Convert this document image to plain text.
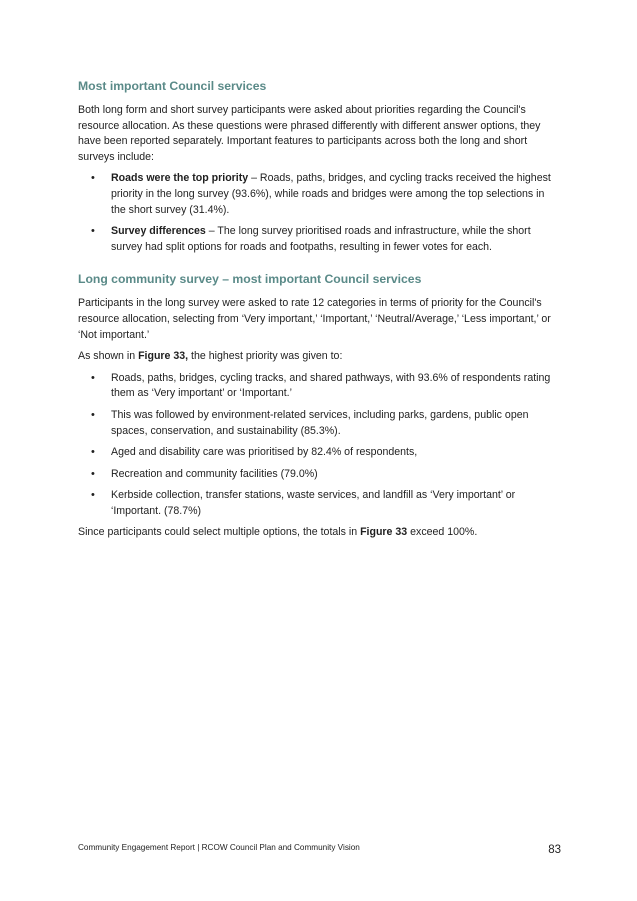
Most important Council services

Both long form and short survey participants were asked about priorities regarding the Council's resource allocation. As these questions were phrased differently with different answer options, they have been reported separately. Important features to participants across both the long and short surveys include:

• Roads were the top priority – Roads, paths, bridges, and cycling tracks received the highest priority in the long survey (93.6%), while roads and bridges were among the top selections in the short survey (31.4%).
• Survey differences – The long survey prioritised roads and infrastructure, while the short survey had split options for roads and footpaths, resulting in fewer votes for each.
Long community survey – most important Council services

Participants in the long survey were asked to rate 12 categories in terms of priority for the Council's resource allocation, selecting from ‘Very important,’ ‘Important,’ ‘Neutral/Average,’ ‘Less important,’ or ‘Not important.’

As shown in Figure 33, the highest priority was given to:

• Roads, paths, bridges, cycling tracks, and shared pathways, with 93.6% of respondents rating them as ‘Very important’ or ‘Important.’
• This was followed by environment-related services, including parks, gardens, public open spaces, conservation, and sustainability (85.3%).
• Aged and disability care was prioritised by 82.4% of respondents,
• Recreation and community facilities (79.0%)
• Kerbside collection, transfer stations, waste services, and landfill as ‘Very important’ or ‘Important. (78.7%)

Since participants could select multiple options, the totals in Figure 33 exceed 100%.

Community Engagement Report | RCOW Council Plan and Community Vision	83
